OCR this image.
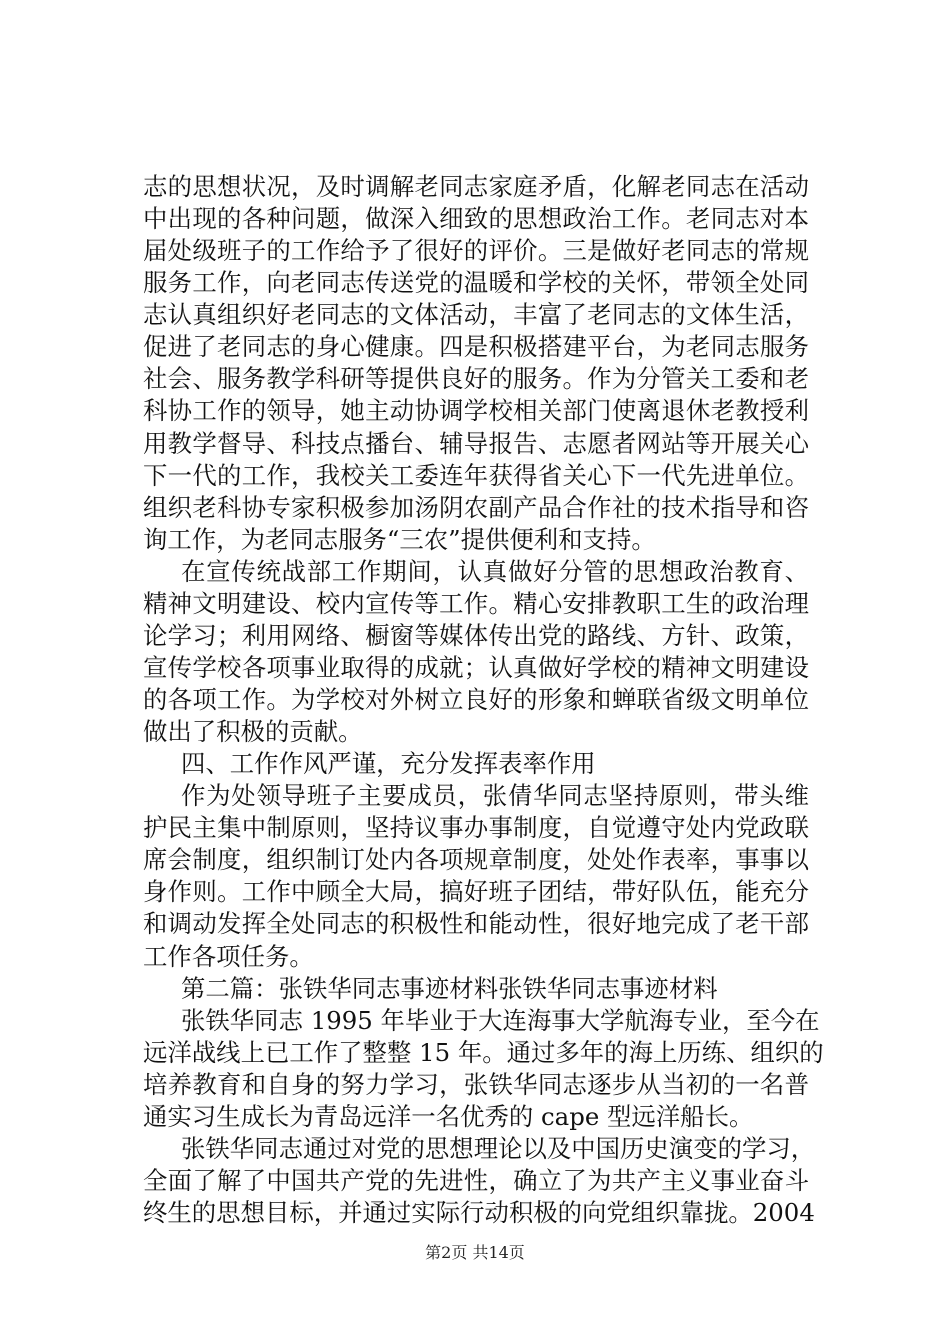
志的思想状况，及时调解老同志家庭矛盾，化解老同志在活动
中出现的各种问题，做深入细致的思想政治工作。老同志对本
届处级班子的工作给予了很好的评价。三是做好老同志的常规
服务工作，向老同志传送党的温暖和学校的关怀，带领全处同
志认真组织好老同志的文体活动，丰富了老同志的文体生活，
促进了老同志的身心健康。四是积极搭建平台，为老同志服务
社会、服务教学科研等提供良好的服务。作为分管关工委和老
科协工作的领导，她主动协调学校相关部门使离退休老教授利
用教学督导、科技点播台、辅导报告、志愿者网站等开展关心
下一代的工作，我校关工委连年获得省关心下一代先进单位。
组织老科协专家积极参加汤阴农副产品合作社的技术指导和咨
询工作，为老同志服务“三农”提供便利和支持。
在宣传统战部工作期间，认真做好分管的思想政治教育、
精神文明建设、校内宣传等工作。精心安排教职工生的政治理
论学习；利用网络、橱窗等媒体传出党的路线、方针、政策，
宣传学校各项事业取得的成就；认真做好学校的精神文明建设
的各项工作。为学校对外树立良好的形象和蝉联省级文明单位
做出了积极的贡献。
四、工作作风严谨，充分发挥表率作用
作为处领导班子主要成员，张倩华同志坚持原则，带头维
护民主集中制原则，坚持议事办事制度，自觉遵守处内党政联
席会制度，组织制订处内各项规章制度，处处作表率，事事以
身作则。工作中顾全大局，搞好班子团结，带好队伍，能充分
和调动发挥全处同志的积极性和能动性，很好地完成了老干部
工作各项任务。
第二篇：张铁华同志事迹材料张铁华同志事迹材料
张铁华同志 1995 年毕业于大连海事大学航海专业，至今在
远洋战线上已工作了整整 15 年。通过多年的海上历练、组织的
培养教育和自身的努力学习，张铁华同志逐步从当初的一名普
通实习生成长为青岛远洋一名优秀的 cape 型远洋船长。
张铁华同志通过对党的思想理论以及中国历史演变的学习，
全面了解了中国共产党的先进性，确立了为共产主义事业奋斗
终生的思想目标，并通过实际行动积极的向党组织靠拢。2004
第2页 共14页
